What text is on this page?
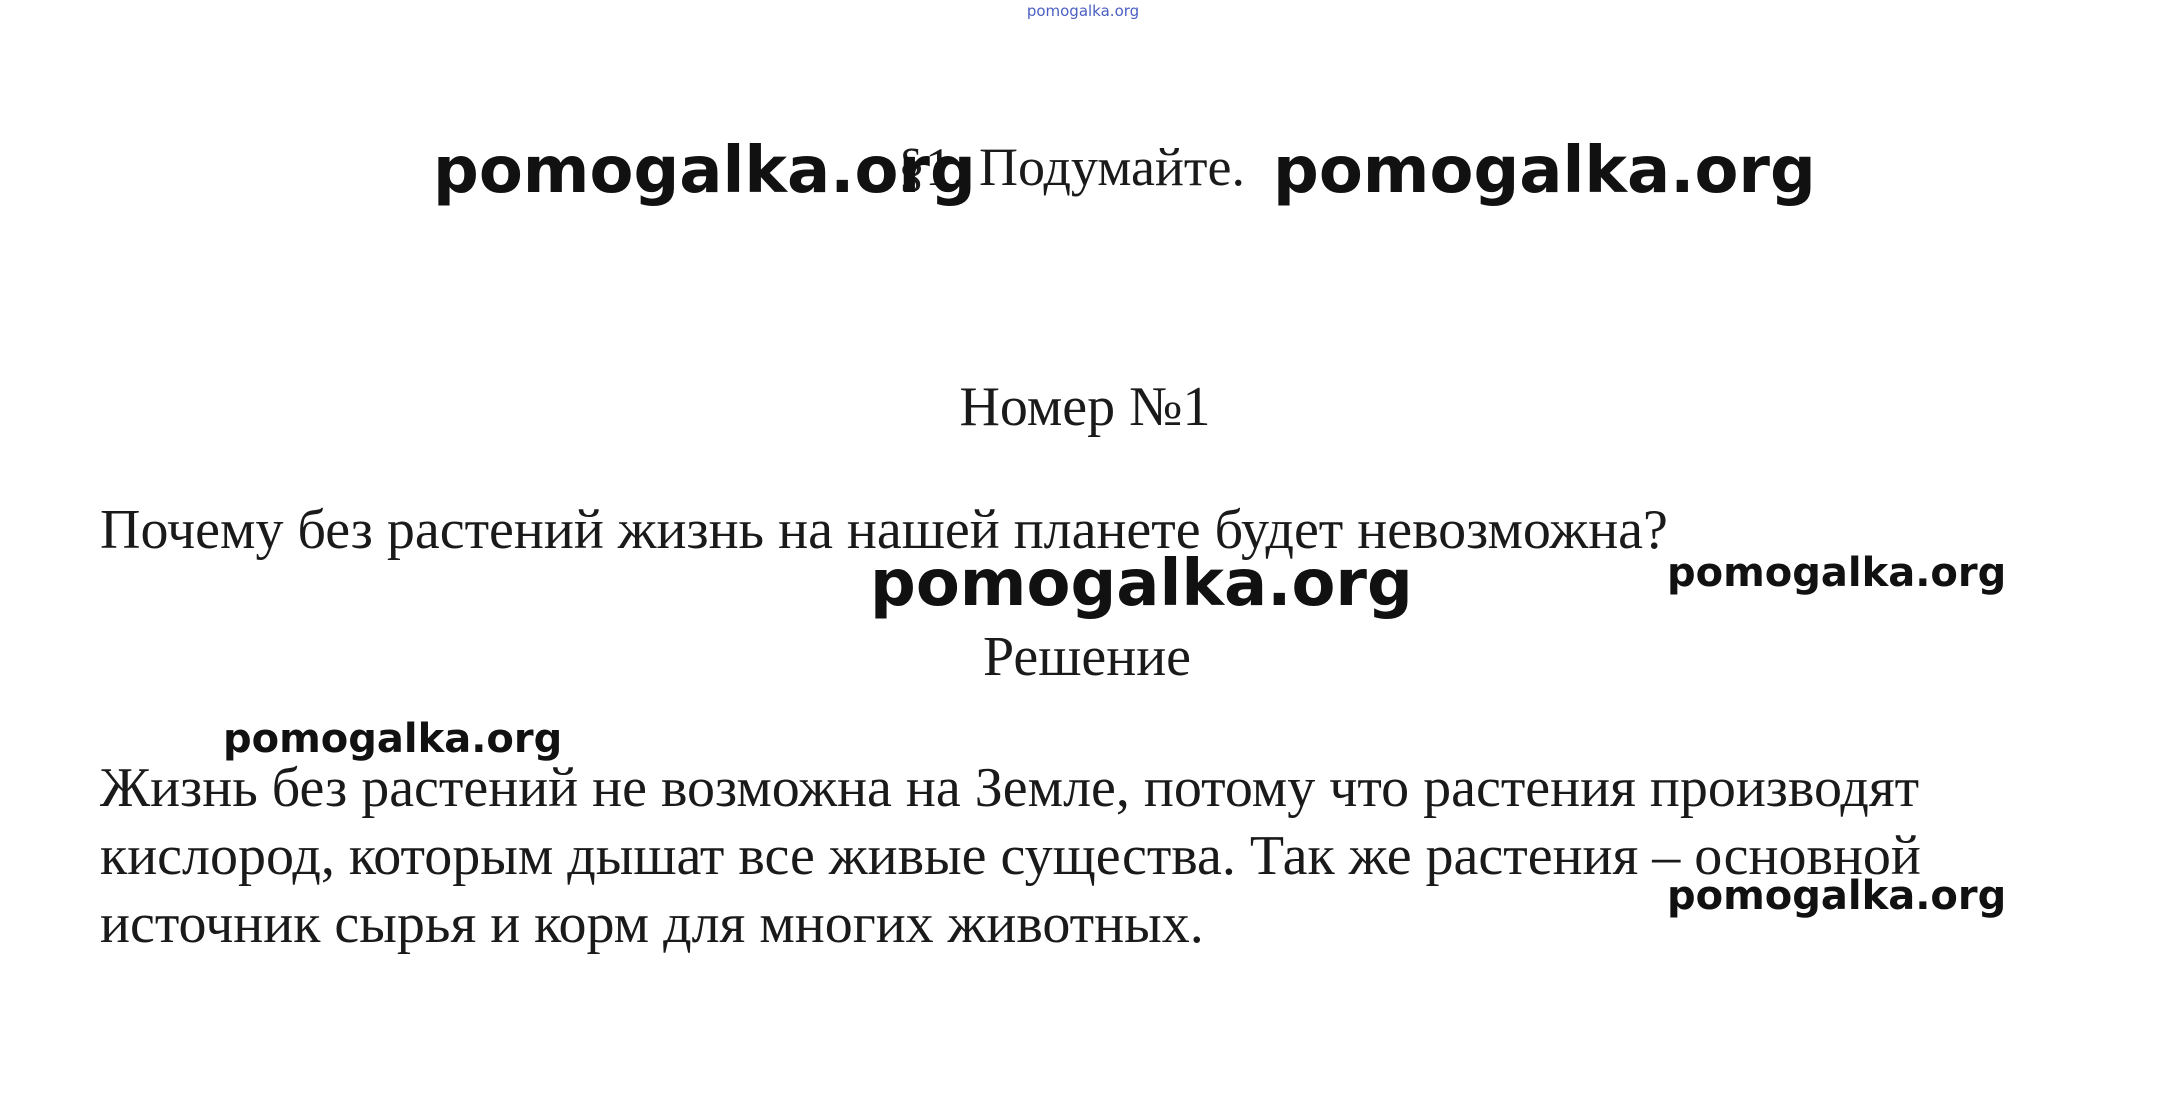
pomogalka.org
§1. Подумайте.
pomogalka.org	pomogalka.org
Номер №1
Почему без растений жизнь на нашей планете будет невозможна?
pomogalka.org	pomogalka.org
Решение
pomogalka.org
Жизнь без растений не возможна на Земле, потому что растения производят
кислород, которым дышат все живые существа. Так же растения – основной
источник сырья и корм для многих животных.	pomogalka.org
